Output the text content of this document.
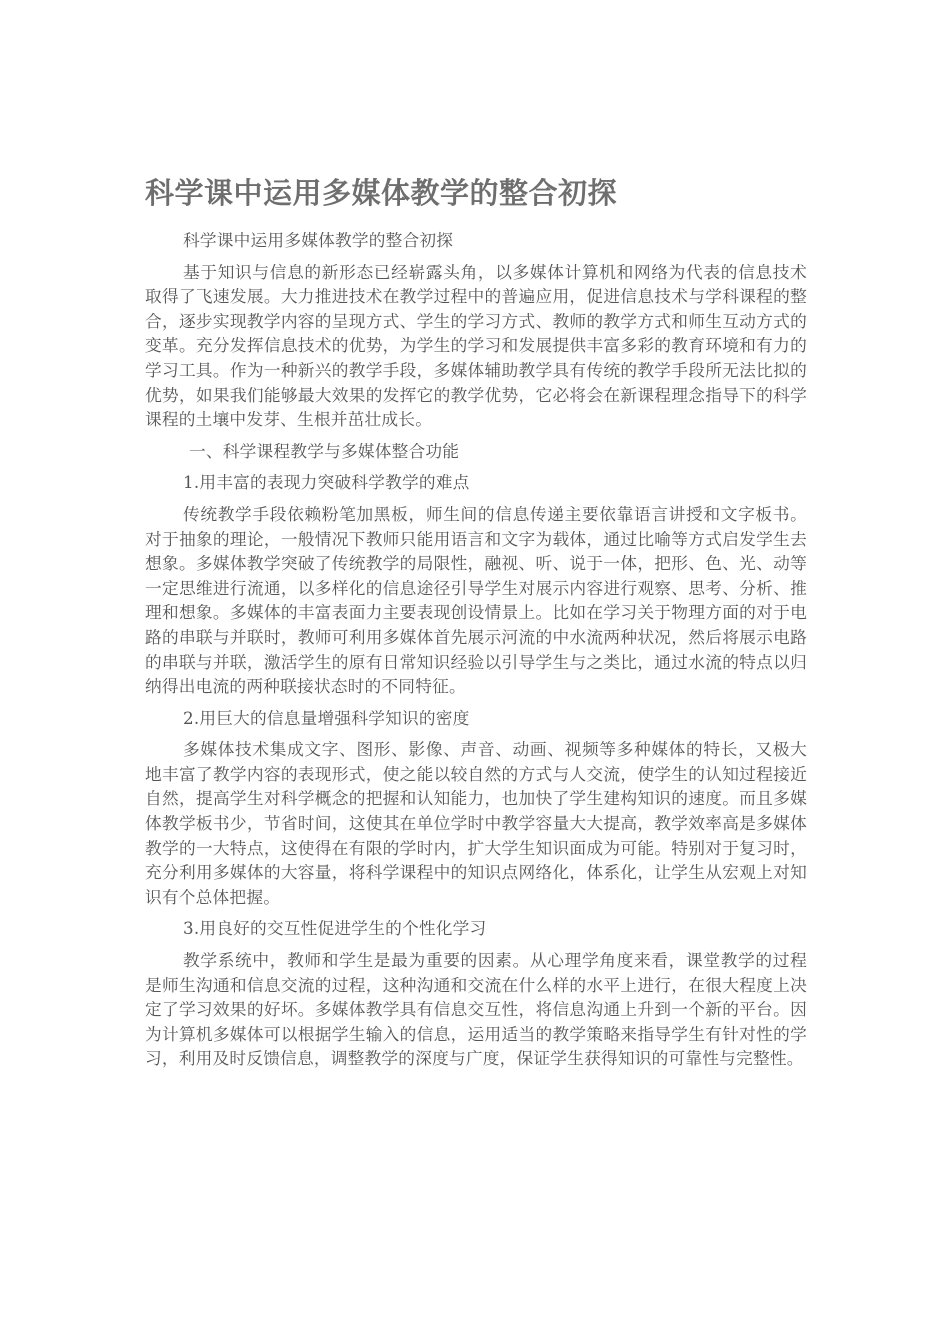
科学课中运用多媒体教学的整合初探

科学课中运用多媒体教学的整合初探

基于知识与信息的新形态已经崭露头角，以多媒体计算机和网络为代表的信息技术取得了飞速发展。大力推进技术在教学过程中的普遍应用，促进信息技术与学科课程的整合，逐步实现教学内容的呈现方式、学生的学习方式、教师的教学方式和师生互动方式的变革。充分发挥信息技术的优势，为学生的学习和发展提供丰富多彩的教育环境和有力的学习工具。作为一种新兴的教学手段，多媒体辅助教学具有传统的教学手段所无法比拟的优势，如果我们能够最大效果的发挥它的教学优势，它必将会在新课程理念指导下的科学课程的土壤中发芽、生根并茁壮成长。

一、科学课程教学与多媒体整合功能

1.用丰富的表现力突破科学教学的难点

传统教学手段依赖粉笔加黑板，师生间的信息传递主要依靠语言讲授和文字板书。对于抽象的理论，一般情况下教师只能用语言和文字为载体，通过比喻等方式启发学生去想象。多媒体教学突破了传统教学的局限性，融视、听、说于一体，把形、色、光、动等一定思维进行流通，以多样化的信息途径引导学生对展示内容进行观察、思考、分析、推理和想象。多媒体的丰富表面力主要表现创设情景上。比如在学习关于物理方面的对于电路的串联与并联时，教师可利用多媒体首先展示河流的中水流两种状况，然后将展示电路的串联与并联，激活学生的原有日常知识经验以引导学生与之类比，通过水流的特点以归纳得出电流的两种联接状态时的不同特征。

2.用巨大的信息量增强科学知识的密度

多媒体技术集成文字、图形、影像、声音、动画、视频等多种媒体的特长，又极大地丰富了教学内容的表现形式，使之能以较自然的方式与人交流，使学生的认知过程接近自然，提高学生对科学概念的把握和认知能力，也加快了学生建构知识的速度。而且多媒体教学板书少，节省时间，这使其在单位学时中教学容量大大提高，教学效率高是多媒体教学的一大特点，这使得在有限的学时内，扩大学生知识面成为可能。特别对于复习时，充分利用多媒体的大容量，将科学课程中的知识点网络化，体系化，让学生从宏观上对知识有个总体把握。

3.用良好的交互性促进学生的个性化学习

教学系统中，教师和学生是最为重要的因素。从心理学角度来看，课堂教学的过程是师生沟通和信息交流的过程，这种沟通和交流在什么样的水平上进行，在很大程度上决定了学习效果的好坏。多媒体教学具有信息交互性，将信息沟通上升到一个新的平台。因为计算机多媒体可以根据学生输入的信息，运用适当的教学策略来指导学生有针对性的学习，利用及时反馈信息，调整教学的深度与广度，保证学生获得知识的可靠性与完整性。
